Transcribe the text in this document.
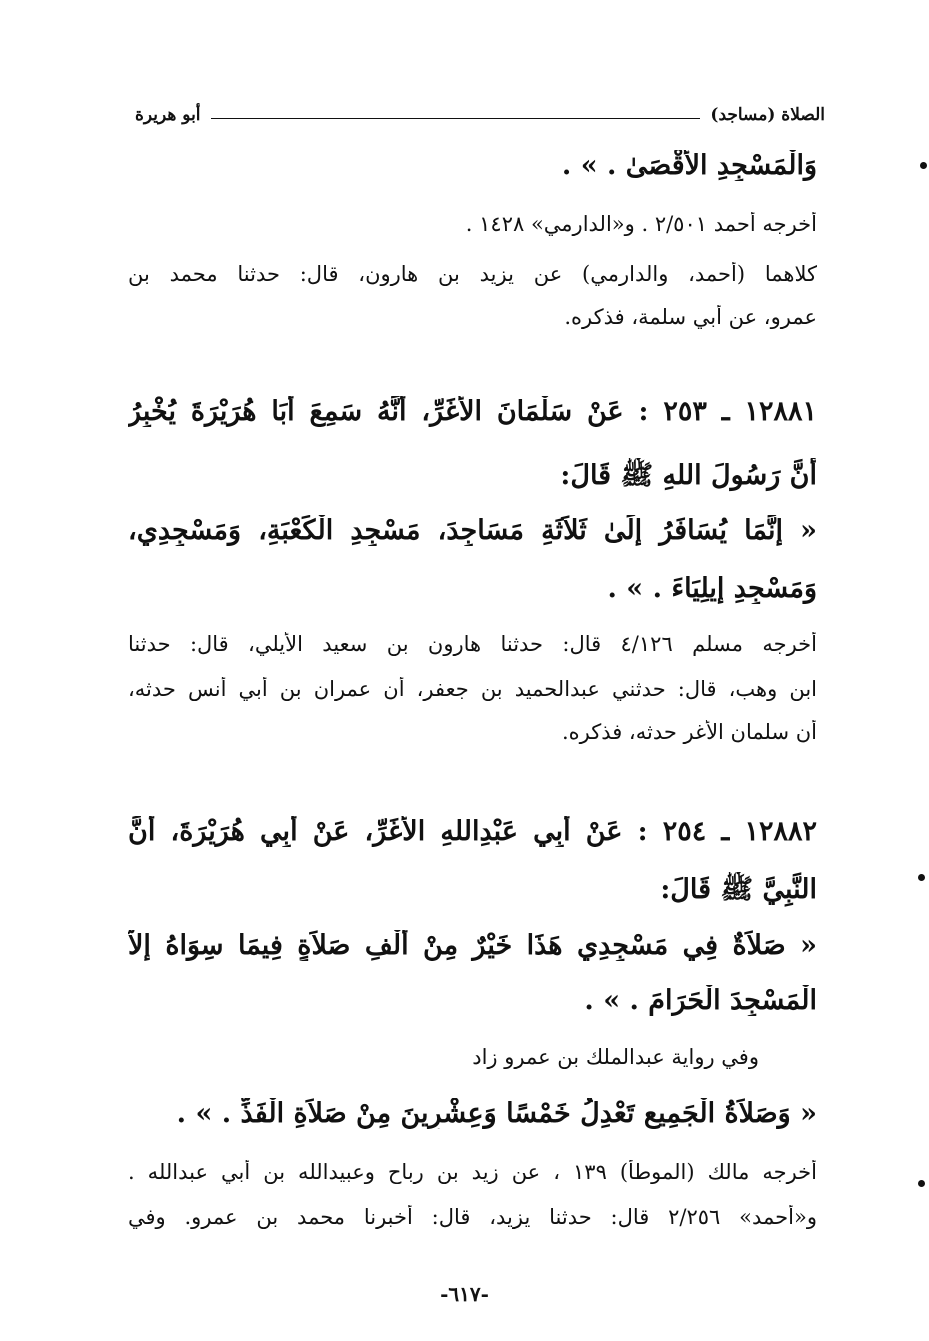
الصلاة (مساجد)
أبو هريرة
وَالْمَسْجِدِ الأَقْصَىٰ . » .
أخرجه أحمد ٢/٥٠١ . و«الدارمي» ١٤٢٨ .
كلاهما (أحمد، والدارمي) عن يزيد بن هارون، قال: حدثنا محمد بن
عمرو، عن أبي سلمة، فذكره.
١٢٨٨١ ـ ٢٥٣ : عَنْ سَلْمَانَ الأَغَرِّ، أَنَّهُ سَمِعَ أَبَا هُرَيْرَةَ يُخْبِرُ
أَنَّ رَسُولَ اللهِ ﷺ قَالَ:
« إِنَّمَا يُسَافَرُ إِلَىٰ ثَلاَثَةِ مَسَاجِدَ، مَسْجِدِ الْكَعْبَةِ، وَمَسْجِدِي،
وَمَسْجِدِ إِيلِيَاءَ . » .
أخرجه مسلم ٤/١٢٦ قال: حدثنا هارون بن سعيد الأيلي، قال: حدثنا
ابن وهب، قال: حدثني عبدالحميد بن جعفر، أن عمران بن أبي أنس حدثه،
أن سلمان الأغر حدثه، فذكره.
١٢٨٨٢ ـ ٢٥٤ : عَنْ أَبِي عَبْدِاللهِ الأَغَرِّ، عَنْ أَبِي هُرَيْرَةَ، أَنَّ
النَّبِيَّ ﷺ قَالَ:
« صَلاَةٌ فِي مَسْجِدِي هَذَا خَيْرٌ مِنْ أَلْفِ صَلاَةٍ فِيمَا سِوَاهُ إِلاَّ
الْمَسْجِدَ الْحَرَامَ . » .
وفي رواية عبدالملك بن عمرو زاد
« وَصَلاَةُ الْجَمِيعِ تَعْدِلُ خَمْسًا وَعِشْرِينَ مِنْ صَلاَةِ الْفَذِّ . » .
أخرجه مالك (الموطأ) ١٣٩ ، عن زيد بن رباح وعبيدالله بن أبي عبدالله .
و«أحمد» ٢/٢٥٦ قال: حدثنا يزيد، قال: أخبرنا محمد بن عمرو. وفي
-٦١٧-
